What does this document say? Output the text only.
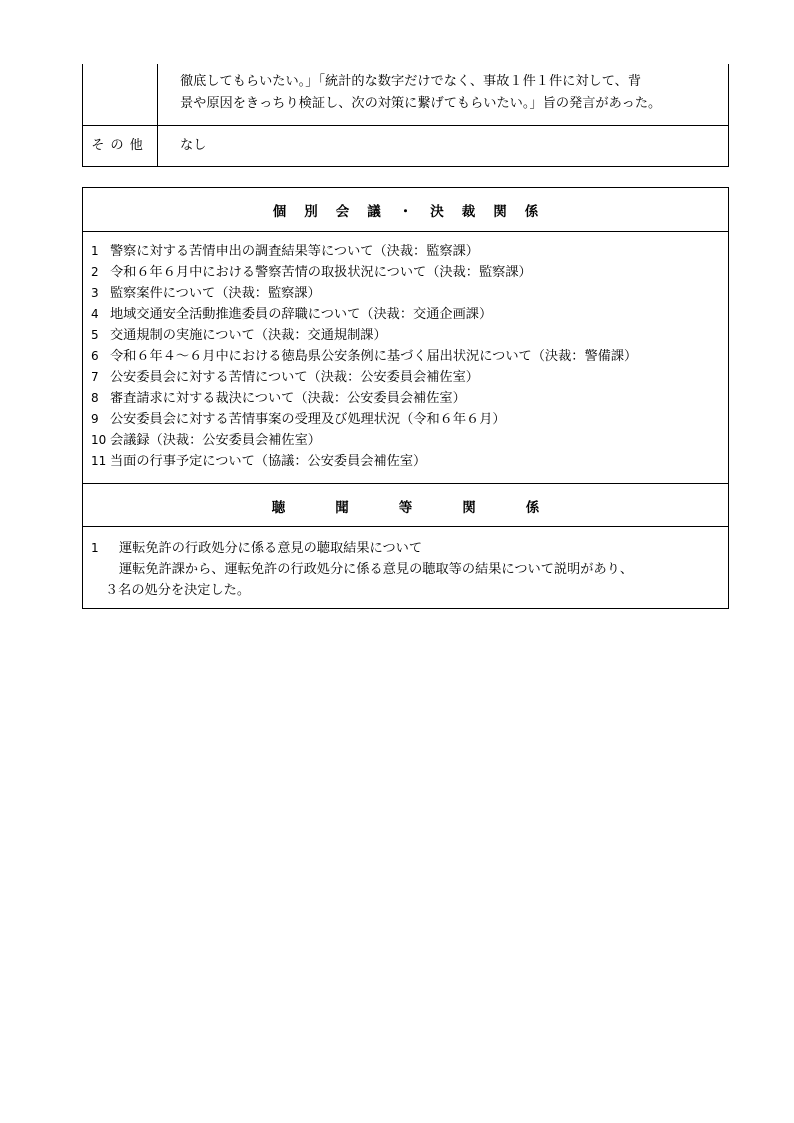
徹底してもらいたい。」「統計的な数字だけでなく、事故１件１件に対して、背
景や原因をきっちり検証し、次の対策に繋げてもらいたい。」旨の発言があった。
その他	なし
個別会議・決裁関係
1 警察に対する苦情申出の調査結果等について（決裁：監察課）
2 令和６年６月中における警察苦情の取扱状況について（決裁：監察課）
3 監察案件について（決裁：監察課）
4 地域交通安全活動推進委員の辞職について（決裁：交通企画課）
5 交通規制の実施について（決裁：交通規制課）
6 令和６年４～６月中における徳島県公安条例に基づく届出状況について（決裁：警備課）
7 公安委員会に対する苦情について（決裁：公安委員会補佐室）
8 審査請求に対する裁決について（決裁：公安委員会補佐室）
9 公安委員会に対する苦情事案の受理及び処理状況（令和６年６月）
10 会議録（決裁：公安委員会補佐室）
11 当面の行事予定について（協議：公安委員会補佐室）
聴聞等関係
1 運転免許の行政処分に係る意見の聴取結果について
運転免許課から、運転免許の行政処分に係る意見の聴取等の結果について説明があり、
３名の処分を決定した。
